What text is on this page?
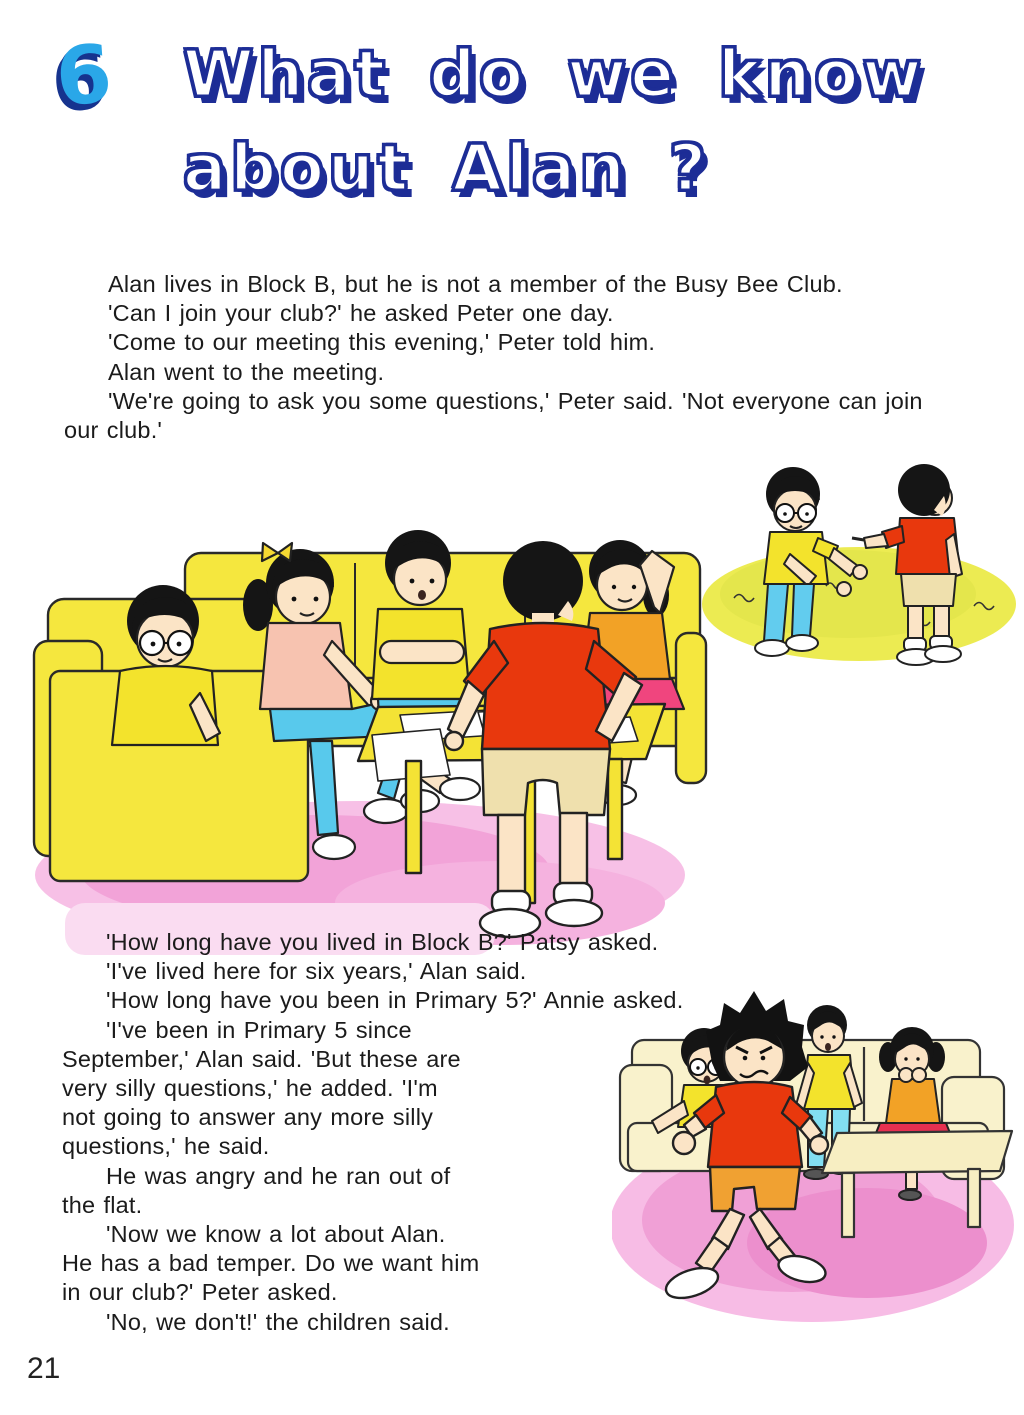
6 What do we know
about Alan ?
Alan lives in Block B, but he is not a member of the Busy Bee Club.
'Can I join your club?' he asked Peter one day.
'Come to our meeting this evening,' Peter told him.
Alan went to the meeting.
'We're going to ask you some questions,' Peter said. 'Not everyone can join
our club.'
'How long have you lived in Block B?' Patsy asked.
'I've lived here for six years,' Alan said.
'How long have you been in Primary 5?' Annie asked.
'I've been in Primary 5 since
September,' Alan said. 'But these are
very silly questions,' he added. 'I'm
not going to answer any more silly
questions,' he said.
He was angry and he ran out of
the flat.
'Now we know a lot about Alan.
He has a bad temper. Do we want him
in our club?' Peter asked.
'No, we don't!' the children said.
21
